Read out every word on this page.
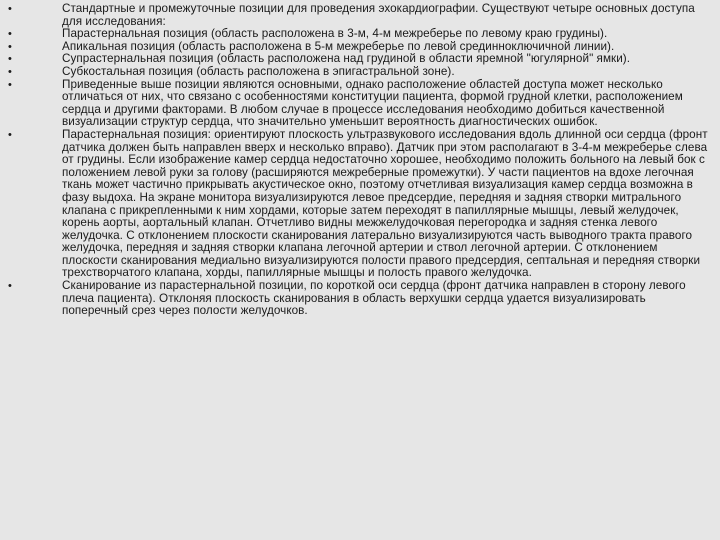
•	Стандартные и промежуточные позиции для проведения эхокардиографии. Существуют четыре основных доступа для исследования:
•	Парастернальная позиция (область расположена в 3-м, 4-м межреберье по левому краю грудины).
•	Апикальная позиция (область расположена в 5-м межреберье по левой срединноключичной линии).
•	Супрастернальная позиция (область расположена над грудиной в области яремной "югулярной" ямки).
•	Субкостальная позиция (область расположена в эпигастральной зоне).
•	Приведенные выше позиции являются основными, однако расположение областей доступа может несколько отличаться от них, что связано с особенностями конституции пациента, формой грудной клетки, расположением сердца и другими факторами. В любом случае в процессе исследования необходимо добиться качественной визуализации структур сердца, что значительно уменьшит вероятность диагностических ошибок.
•	Парастернальная позиция: ориентируют плоскость ультразвукового исследования вдоль длинной оси сердца (фронт датчика должен быть направлен вверх и несколько вправо). Датчик при этом располагают в 3-4-м межреберье слева от грудины. Если изображение камер сердца недостаточно хорошее, необходимо положить больного на левый бок с положением левой руки за голову (расширяются межреберные промежутки). У части пациентов на вдохе легочная ткань может частично прикрывать акустическое окно, поэтому отчетливая визуализация камер сердца возможна в фазу выдоха. На экране монитора визуализируются левое предсердие, передняя и задняя створки митрального клапана с прикрепленными к ним хордами, которые затем переходят в папиллярные мышцы, левый желудочек, корень аорты, аортальный клапан. Отчетливо видны межжелудочковая перегородка и задняя стенка левого желудочка. С отклонением плоскости сканирования латерально визуализируются часть выводного тракта правого желудочка, передняя и задняя створки клапана легочной артерии и ствол легочной артерии. С отклонением плоскости сканирования медиально визуализируются полости правого предсердия, септальная и передняя створки трехстворчатого клапана, хорды, папиллярные мышцы и полость правого желудочка.
•	Сканирование из парастернальной позиции, по короткой оси сердца (фронт датчика направлен в сторону левого плеча пациента). Отклоняя плоскость сканирования в область верхушки сердца удается визуализировать поперечный срез через полости желудочков.
